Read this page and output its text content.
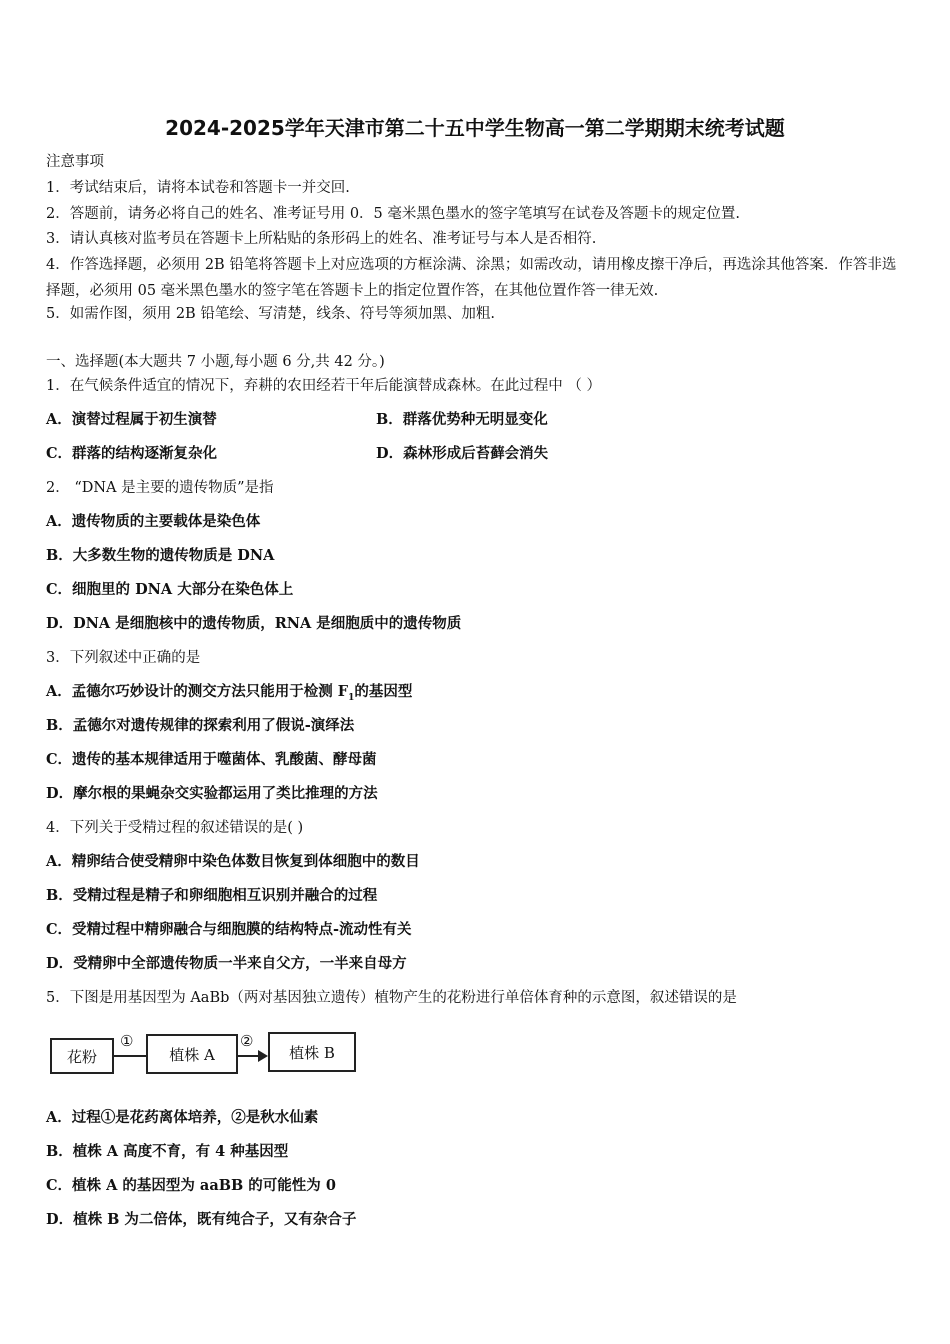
2024-2025学年天津市第二十五中学生物高一第二学期期末统考试题
注意事项
1．考试结束后，请将本试卷和答题卡一并交回.
2．答题前，请务必将自己的姓名、准考证号用 0．5 毫米黑色墨水的签字笔填写在试卷及答题卡的规定位置.
3．请认真核对监考员在答题卡上所粘贴的条形码上的姓名、准考证号与本人是否相符.
4．作答选择题，必须用 2B 铅笔将答题卡上对应选项的方框涂满、涂黑；如需改动，请用橡皮擦干净后，再选涂其他答案．作答非选择题，必须用 05 毫米黑色墨水的签字笔在答题卡上的指定位置作答，在其他位置作答一律无效.
5．如需作图，须用 2B 铅笔绘、写清楚，线条、符号等须加黑、加粗.
一、选择题(本大题共 7 小题,每小题 6 分,共 42 分。)
1．在气候条件适宜的情况下，弃耕的农田经若干年后能演替成森林。在此过程中 （ ）
A．演替过程属于初生演替	B．群落优势种无明显变化
C．群落的结构逐渐复杂化	D．森林形成后苔藓会消失
2． “DNA 是主要的遗传物质”是指
A．遗传物质的主要载体是染色体
B．大多数生物的遗传物质是 DNA
C．细胞里的 DNA 大部分在染色体上
D．DNA 是细胞核中的遗传物质，RNA 是细胞质中的遗传物质
3．下列叙述中正确的是
A．孟德尔巧妙设计的测交方法只能用于检测 $F_1$的基因型
B．孟德尔对遗传规律的探索利用了假说-演绎法
C．遗传的基本规律适用于噬菌体、乳酸菌、酵母菌
D．摩尔根的果蝇杂交实验都运用了类比推理的方法
4．下列关于受精过程的叙述错误的是( )
A．精卵结合使受精卵中染色体数目恢复到体细胞中的数目
B．受精过程是精子和卵细胞相互识别并融合的过程
C．受精过程中精卵融合与细胞膜的结构特点-流动性有关
D．受精卵中全部遗传物质一半来自父方，一半来自母方
5．下图是用基因型为 AaBb（两对基因独立遗传）植物产生的花粉进行单倍体育种的示意图，叙述错误的是
花粉
①
植株 A
②
植株 B
A．过程①是花药离体培养，②是秋水仙素
B．植株 A 高度不育，有 4 种基因型
C．植株 A 的基因型为 aaBB 的可能性为 0
D．植株 B 为二倍体，既有纯合子，又有杂合子
